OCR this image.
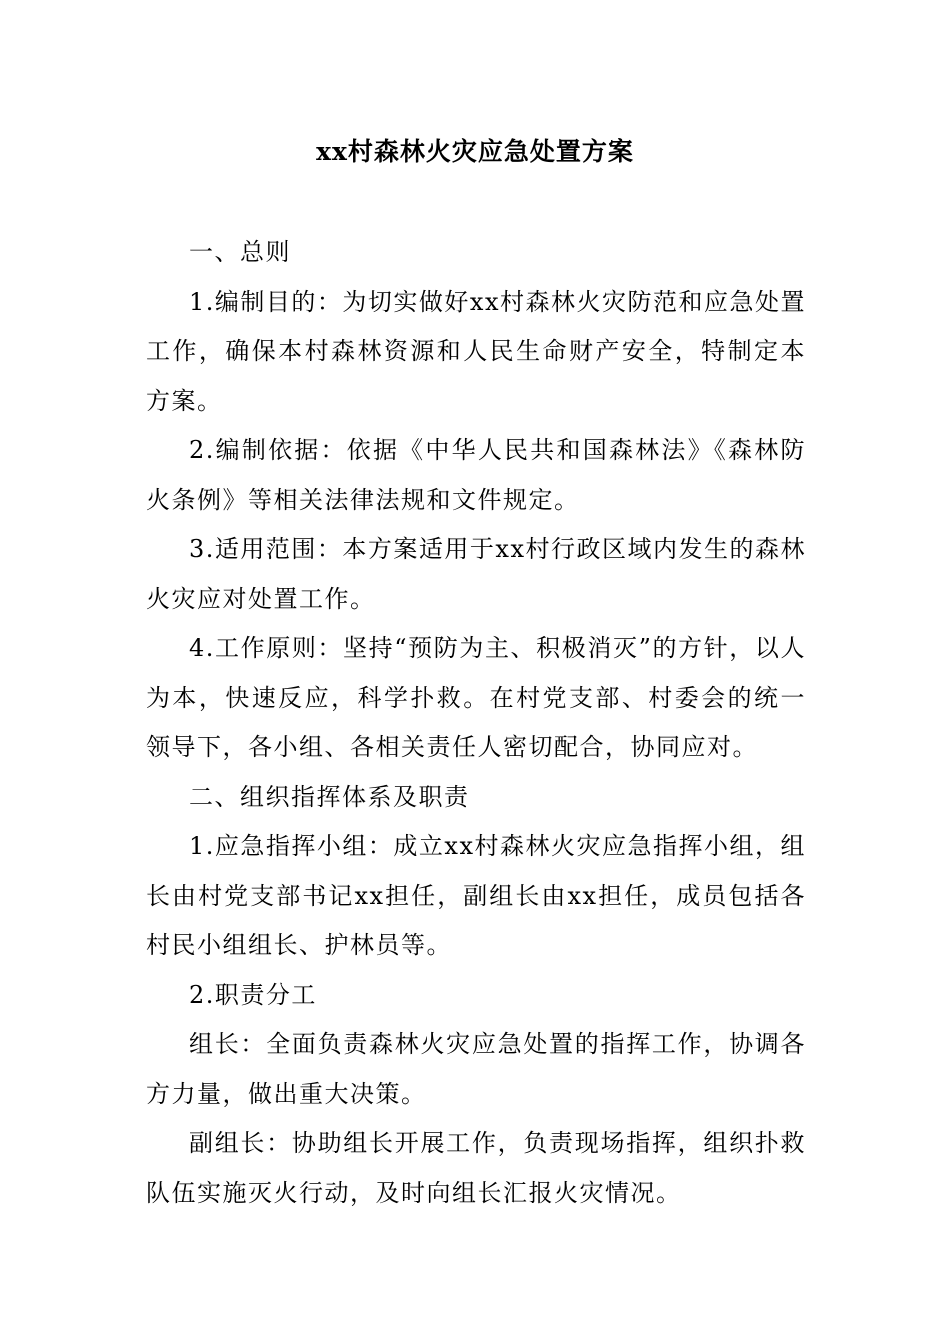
xx村森林火灾应急处置方案

一、总则

1.编制目的：为切实做好xx村森林火灾防范和应急处置工作，确保本村森林资源和人民生命财产安全，特制定本方案。

2.编制依据：依据《中华人民共和国森林法》《森林防火条例》等相关法律法规和文件规定。

3.适用范围：本方案适用于xx村行政区域内发生的森林火灾应对处置工作。

4.工作原则：坚持“预防为主、积极消灭”的方针，以人为本，快速反应，科学扑救。在村党支部、村委会的统一领导下，各小组、各相关责任人密切配合，协同应对。

二、组织指挥体系及职责

1.应急指挥小组：成立xx村森林火灾应急指挥小组，组长由村党支部书记xx担任，副组长由xx担任，成员包括各村民小组组长、护林员等。

2.职责分工

组长：全面负责森林火灾应急处置的指挥工作，协调各方力量，做出重大决策。

副组长：协助组长开展工作，负责现场指挥，组织扑救队伍实施灭火行动，及时向组长汇报火灾情况。
